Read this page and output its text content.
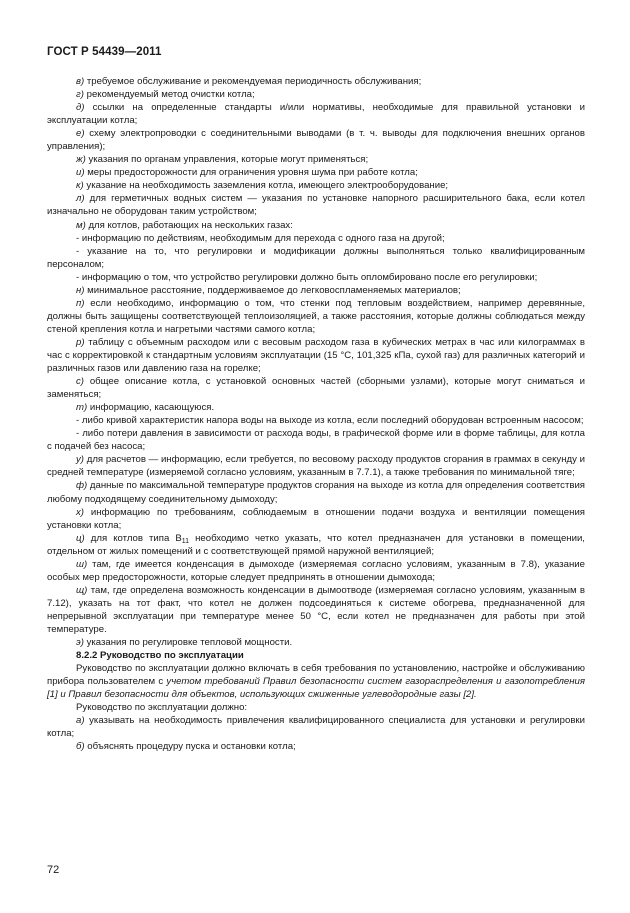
ГОСТ Р 54439—2011

в) требуемое обслуживание и рекомендуемая периодичность обслуживания;

г) рекомендуемый метод очистки котла;

д) ссылки на определенные стандарты и/или нормативы, необходимые для правильной установки и эксплуатации котла;

е) схему электропроводки с соединительными выводами (в т. ч. выводы для подключения внешних органов управления);

ж) указания по органам управления, которые могут применяться;

и) меры предосторожности для ограничения уровня шума при работе котла;

к) указание на необходимость заземления котла, имеющего электрооборудование;

л) для герметичных водных систем — указания по установке напорного расширительного бака, если котел изначально не оборудован таким устройством;

м) для котлов, работающих на нескольких газах:

- информацию по действиям, необходимым для перехода с одного газа на другой;

- указание на то, что регулировки и модификации должны выполняться только квалифицированным персоналом;

- информацию о том, что устройство регулировки должно быть опломбировано после его регулировки;

н) минимальное расстояние, поддерживаемое до легковоспламеняемых материалов;

п) если необходимо, информацию о том, что стенки под тепловым воздействием, например деревянные, должны быть защищены соответствующей теплоизоляцией, а также расстояния, которые должны соблюдаться между стеной крепления котла и нагретыми частями самого котла;

р) таблицу с объемным расходом или с весовым расходом газа в кубических метрах в час или килограммах в час с корректировкой к стандартным условиям эксплуатации (15 °С, 101,325 кПа, сухой газ) для различных категорий и различных газов или давлению газа на горелке;

с) общее описание котла, с установкой основных частей (сборными узлами), которые могут сниматься и заменяться;

т) информацию, касающуюся.

- либо кривой характеристик напора воды на выходе из котла, если последний оборудован встроенным насосом;

- либо потери давления в зависимости от расхода воды, в графической форме или в форме таблицы, для котла с подачей без насоса;

у) для расчетов — информацию, если требуется, по весовому расходу продуктов сгорания в граммах в секунду и средней температуре (измеряемой согласно условиям, указанным в 7.7.1), а также требования по минимальной тяге;

ф) данные по максимальной температуре продуктов сгорания на выходе из котла для определения соответствия любому подходящему соединительному дымоходу;

х) информацию по требованиям, соблюдаемым в отношении подачи воздуха и вентиляции помещения установки котла;

ц) для котлов типа $B_{11}$ необходимо четко указать, что котел предназначен для установки в помещении, отдельном от жилых помещений и с соответствующей прямой наружной вентиляцией;

ш) там, где имеется конденсация в дымоходе (измеряемая согласно условиям, указанным в 7.8), указание особых мер предосторожности, которые следует предпринять в отношении дымохода;

щ) там, где определена возможность конденсации в дымоотводе (измеряемая согласно условиям, указанным в 7.12), указать на тот факт, что котел не должен подсоединяться к системе обогрева, предназначенной для непрерывной эксплуатации при температуре менее 50 °С, если котел не предназначен для работы при этой температуре.

э) указания по регулировке тепловой мощности.

8.2.2 Руководство по эксплуатации

Руководство по эксплуатации должно включать в себя требования по установлению, настройке и обслуживанию прибора пользователем с учетом требований Правил безопасности систем газораспределения и газопотребления [1] и Правил безопасности для объектов, использующих сжиженные углеводородные газы [2].

Руководство по эксплуатации должно:

а) указывать на необходимость привлечения квалифицированного специалиста для установки и регулировки котла;

б) объяснять процедуру пуска и остановки котла;

72
